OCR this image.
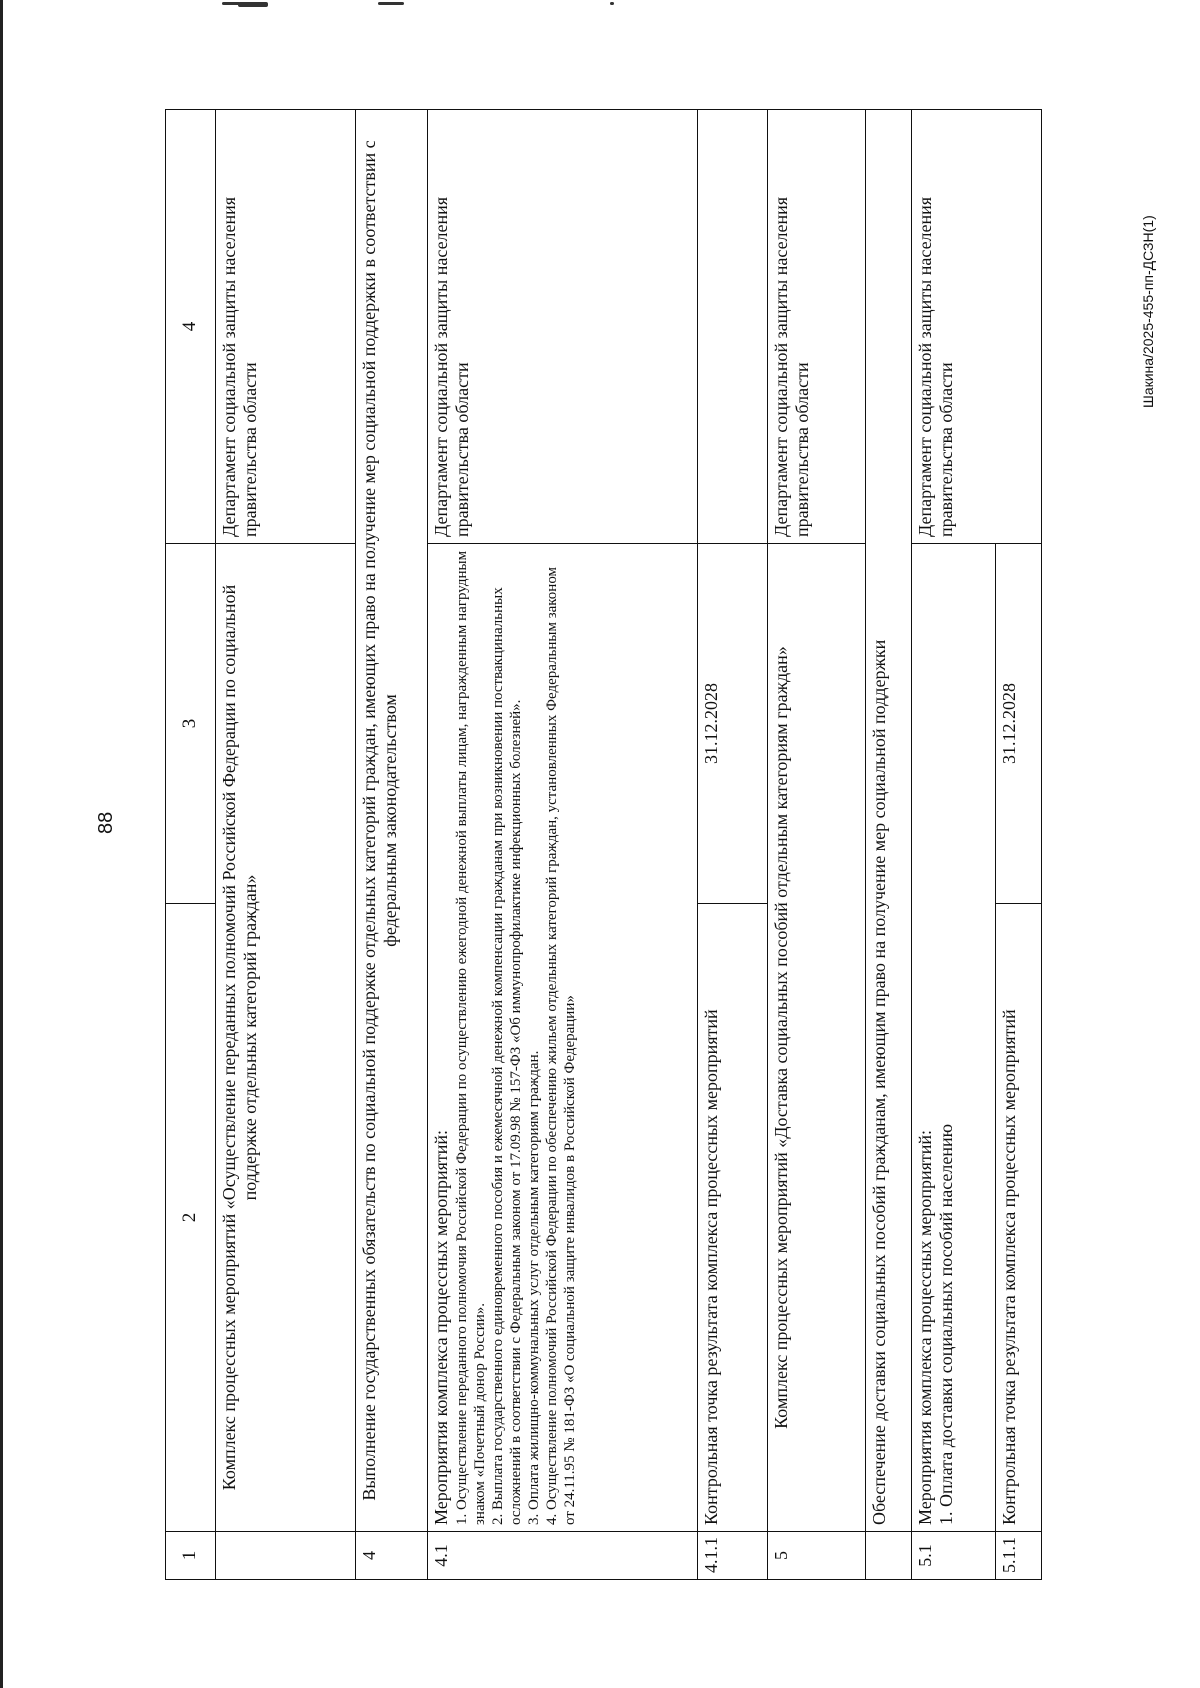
88
1	2	3	4
	Комплекс процессных мероприятий «Осуществление переданных полномочий Российской Федерации по социальной поддержке отдельных категорий граждан»		Департамент социальной защиты населения правительства области
4	Выполнение государственных обязательств по социальной поддержке отдельных категорий граждан, имеющих право на получение мер социальной поддержки в соответствии с федеральным законодательством		
4.1	Мероприятия комплекса процессных мероприятий: 1. Осуществление переданного полномочия Российской Федерации по осуществлению ежегодной денежной выплаты лицам, награжденным нагрудным знаком «Почетный донор России». 2. Выплата государственного единовременного пособия и ежемесячной денежной компенсации гражданам при возникновении поствакцинальных осложнений в соответствии с Федеральным законом от 17.09.98 № 157-ФЗ «Об иммунопрофилактике инфекционных болезней». 3. Оплата жилищно-коммунальных услуг отдельным категориям граждан. 4. Осуществление полномочий Российской Федерации по обеспечению жильем отдельных категорий граждан, установленных Федеральным законом от 24.11.95 № 181-ФЗ «О социальной защите инвалидов в Российской Федерации»		Департамент социальной защиты населения правительства области
4.1.1	Контрольная точка результата комплекса процессных мероприятий	31.12.2028	
5	Комплекс процессных мероприятий «Доставка социальных пособий отдельным категориям граждан»		Департамент социальной защиты населения правительства области
	Обеспечение доставки социальных пособий гражданам, имеющим право на получение мер социальной поддержки		
5.1	Мероприятия комплекса процессных мероприятий: 1. Оплата доставки социальных пособий населению		Департамент социальной защиты населения правительства области
5.1.1	Контрольная точка результата комплекса процессных мероприятий	31.12.2028	
Шакина/2025-455-пп-ДСЗН(1)
